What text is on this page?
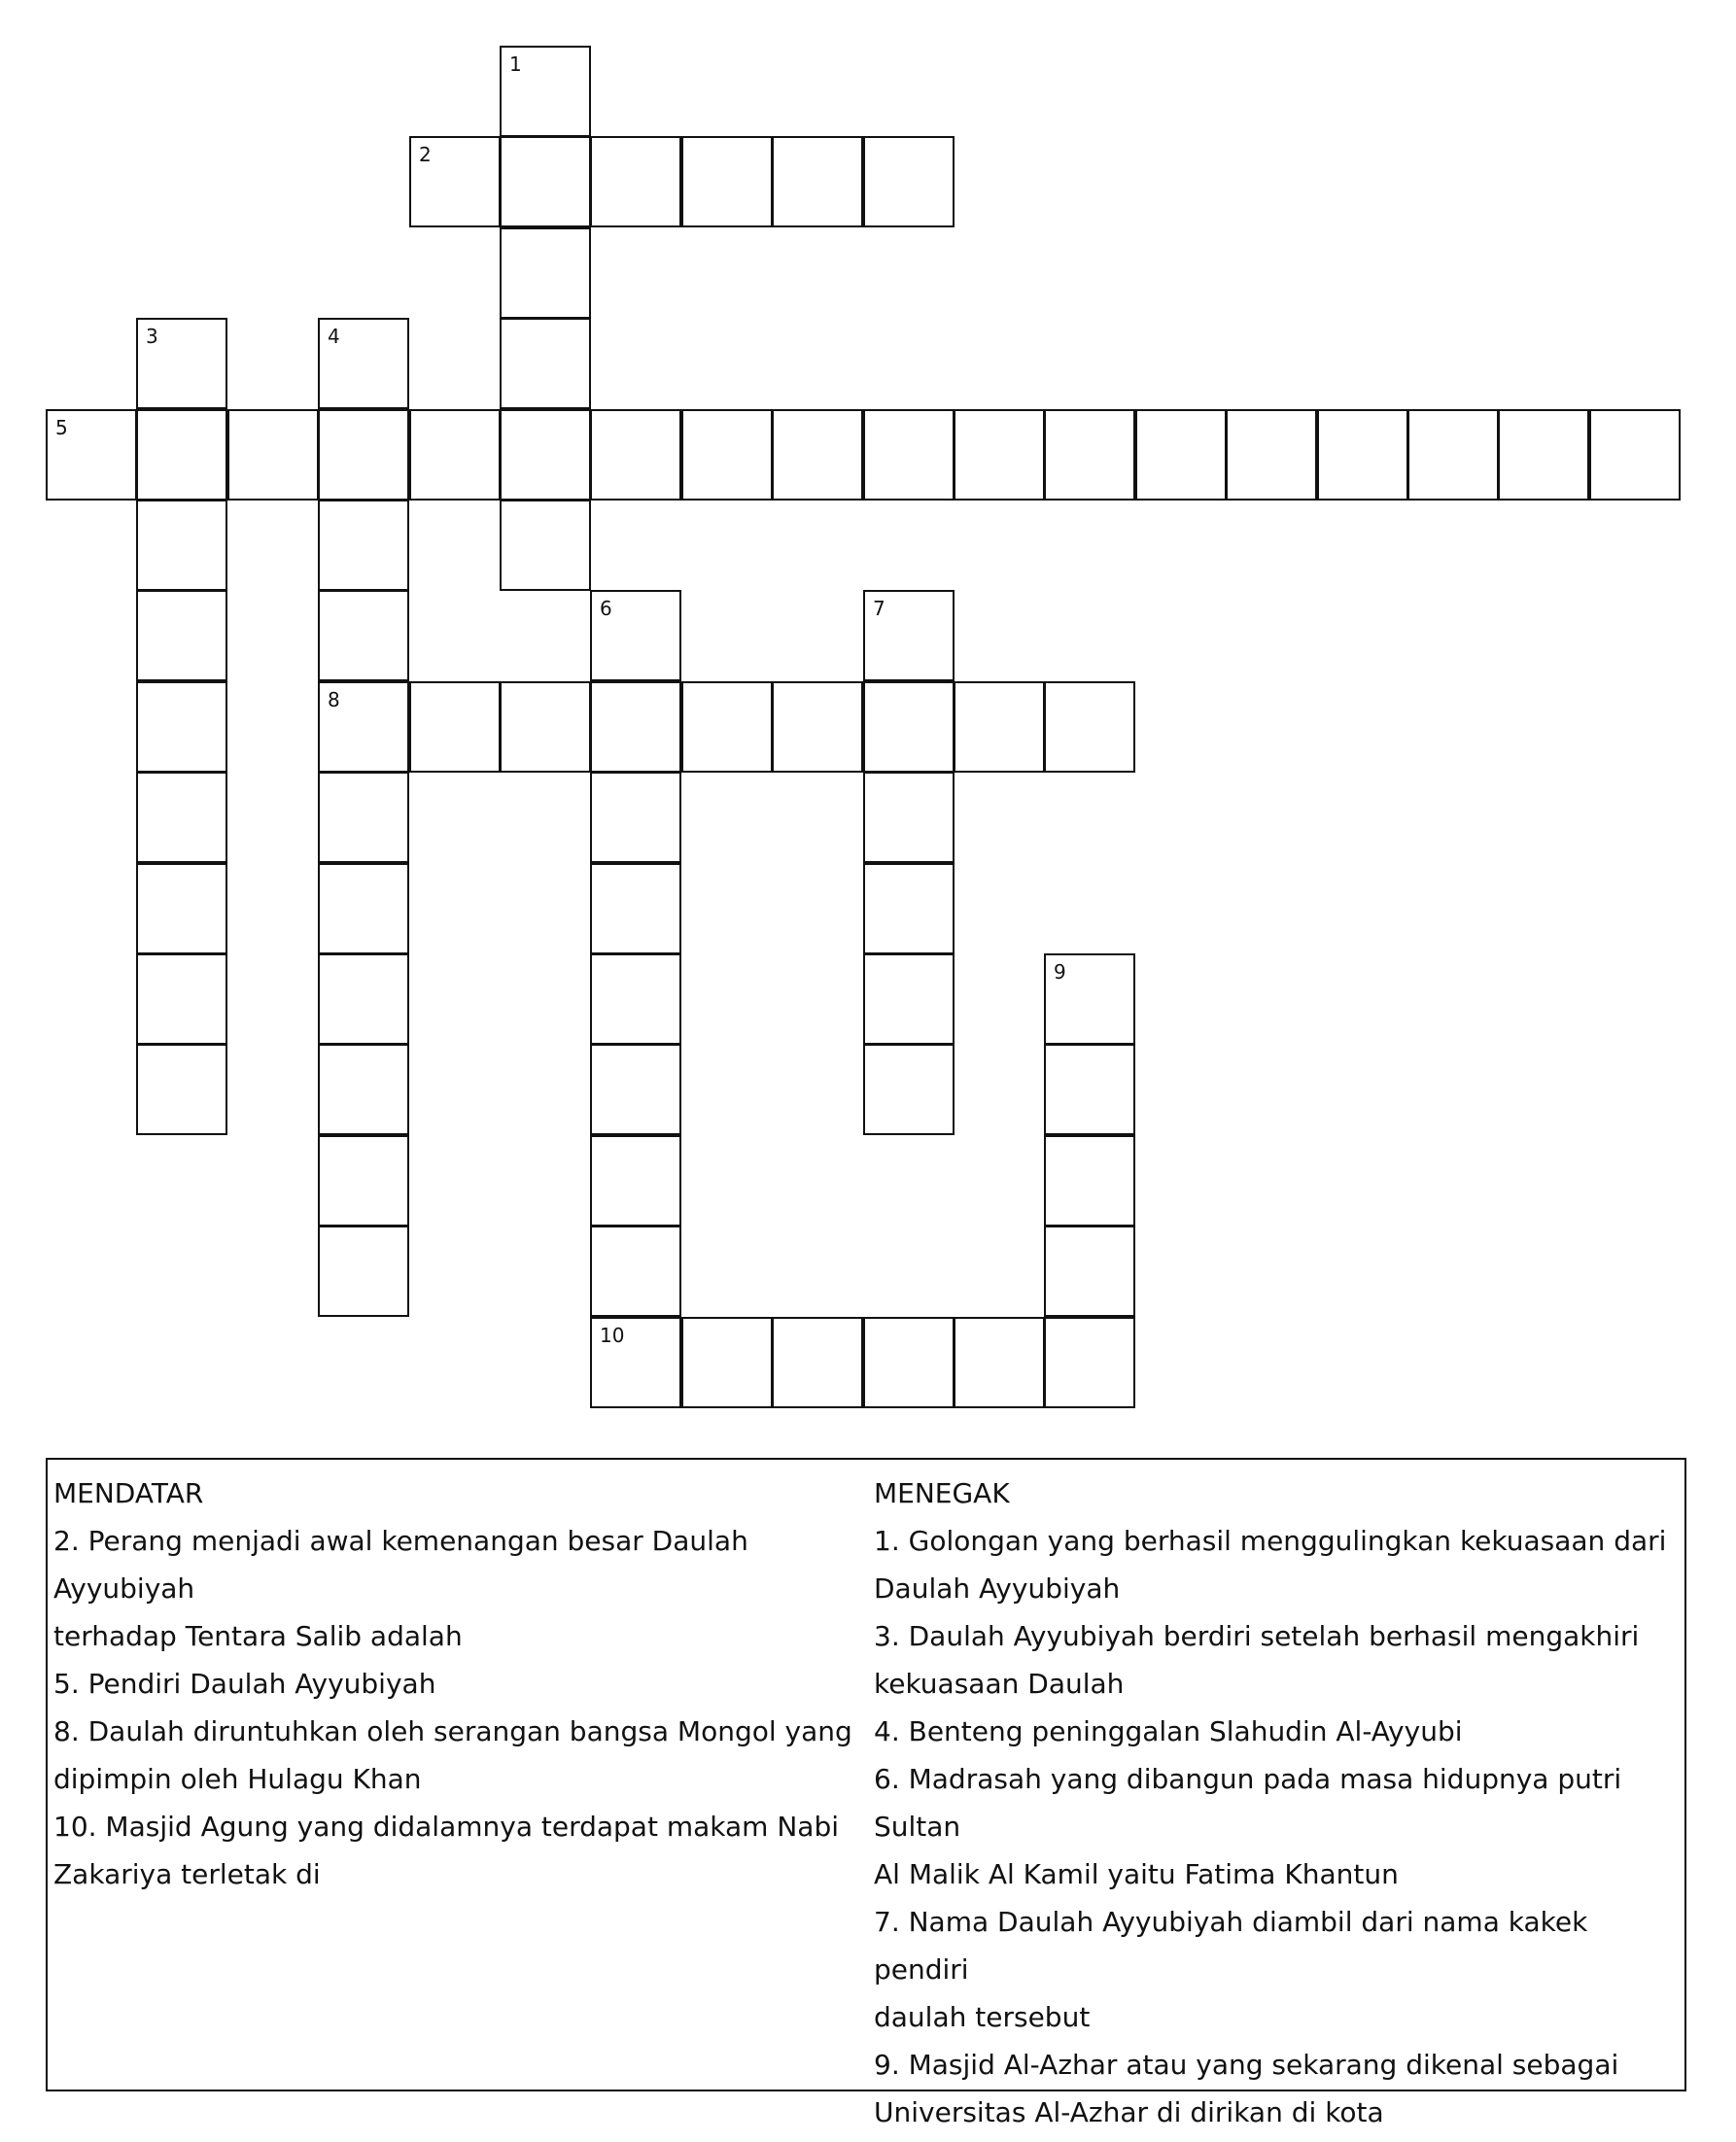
1
2
3	4
8
5
6	7
9
10
MENDATAR
2. Perang menjadi awal kemenangan besar Daulah Ayyubiyah
terhadap Tentara Salib adalah
5. Pendiri Daulah Ayyubiyah
8. Daulah diruntuhkan oleh serangan bangsa Mongol yang
dipimpin oleh Hulagu Khan
10. Masjid Agung yang didalamnya terdapat makam Nabi
Zakariya terletak di
MENEGAK
1. Golongan yang berhasil menggulingkan kekuasaan dari
Daulah Ayyubiyah
3. Daulah Ayyubiyah berdiri setelah berhasil mengakhiri
kekuasaan Daulah
4. Benteng peninggalan Slahudin Al-Ayyubi
6. Madrasah yang dibangun pada masa hidupnya putri Sultan
Al Malik Al Kamil yaitu Fatima Khantun
7. Nama Daulah Ayyubiyah diambil dari nama kakek pendiri
daulah tersebut
9. Masjid Al-Azhar atau yang sekarang dikenal sebagai
Universitas Al-Azhar di dirikan di kota
